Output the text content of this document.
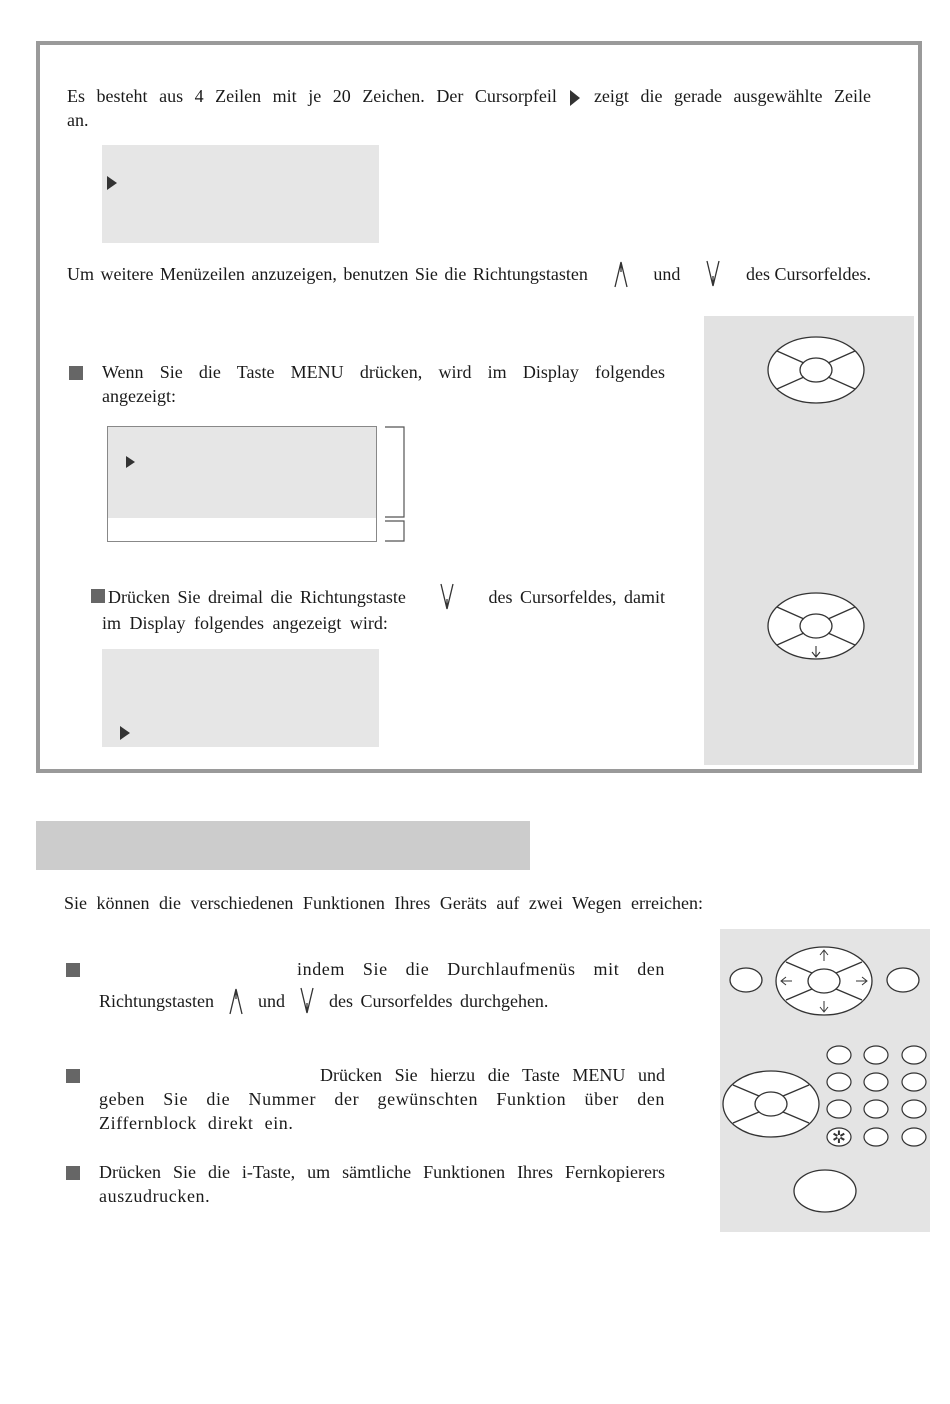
Es besteht aus 4 Zeilen mit je 20 Zeichen. Der Cursorpfeil zeigt die gerade ausgewählte Zeile
an.
Um weitere Menüzeilen anzuzeigen, benutzen Sie die Richtungstasten	und	des Cursorfeldes.
Wenn Sie die Taste MENU drücken, wird im Display folgendes
angezeigt:
Drücken Sie dreimal die Richtungstaste	des Cursorfeldes, damit
im Display folgendes angezeigt wird:
Sie können die verschiedenen Funktionen Ihres Geräts auf zwei Wegen erreichen:
indem Sie die Durchlaufmenüs mit den
Richtungstasten und des Cursorfeldes durchgehen.
Drücken Sie hierzu die Taste MENU und
geben Sie die Nummer der gewünschten Funktion über den
Ziffernblock direkt ein.
Drücken Sie die i-Taste, um sämtliche Funktionen Ihres Fernkopierers
auszudrucken.
✲
